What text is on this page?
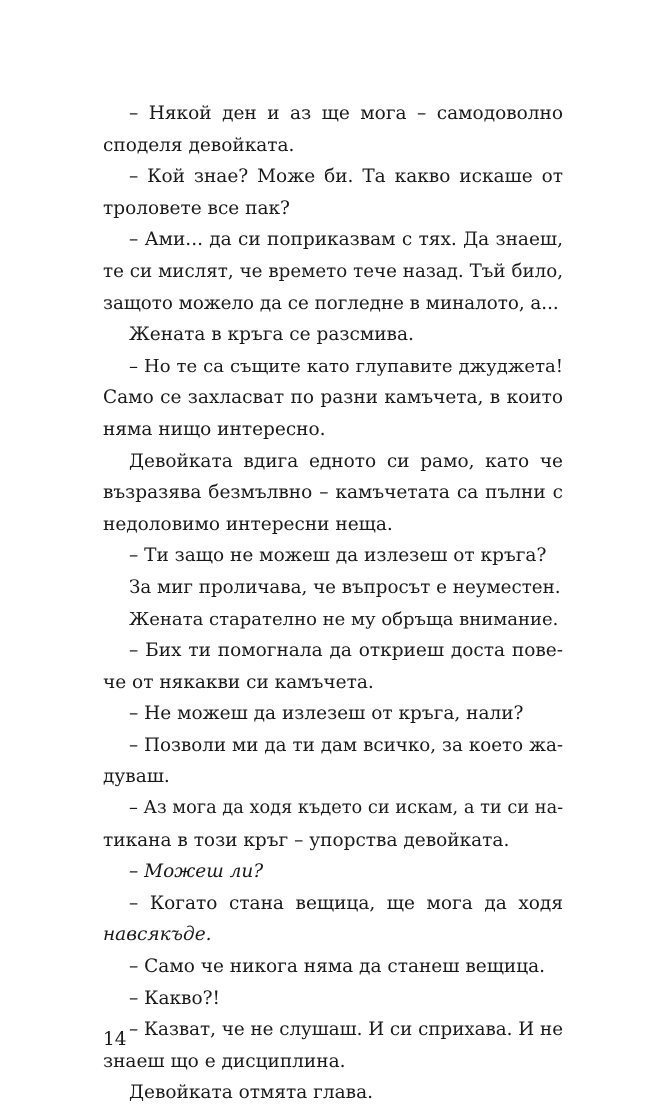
– Някой ден и аз ще мога – самодоволно
споделя девойката.
– Кой знае? Може би. Та какво искаше от
троловете все пак?
– Ами... да си поприказвам с тях. Да знаеш,
те си мислят, че времето тече назад. Тъй било,
защото можело да се погледне в миналото, а...
Жената в кръга се разсмива.
– Но те са същите като глупавите джуджета!
Само се захласват по разни камъчета, в които
няма нищо интересно.
Девойката вдига едното си рамо, като че
възразява безмълвно – камъчетата са пълни с
недоловимо интересни неща.
– Ти защо не можеш да излезеш от кръга?
За миг проличава, че въпросът е неуместен.
Жената старателно не му обръща внимание.
– Бих ти помогнала да откриеш доста пове-
че от някакви си камъчета.
– Не можеш да излезеш от кръга, нали?
– Позволи ми да ти дам всичко, за което жа-
дуваш.
– Аз мога да ходя където си искам, а ти си на-
тикана в този кръг – упорства девойката.
– Можеш ли?
– Когато стана вещица, ще мога да ходя
навсякъде.
– Само че никога няма да станеш вещица.
– Какво?!
– Казват, че не слушаш. И си сприхава. И не
знаеш що е дисциплина.
Девойката отмята глава.
14
